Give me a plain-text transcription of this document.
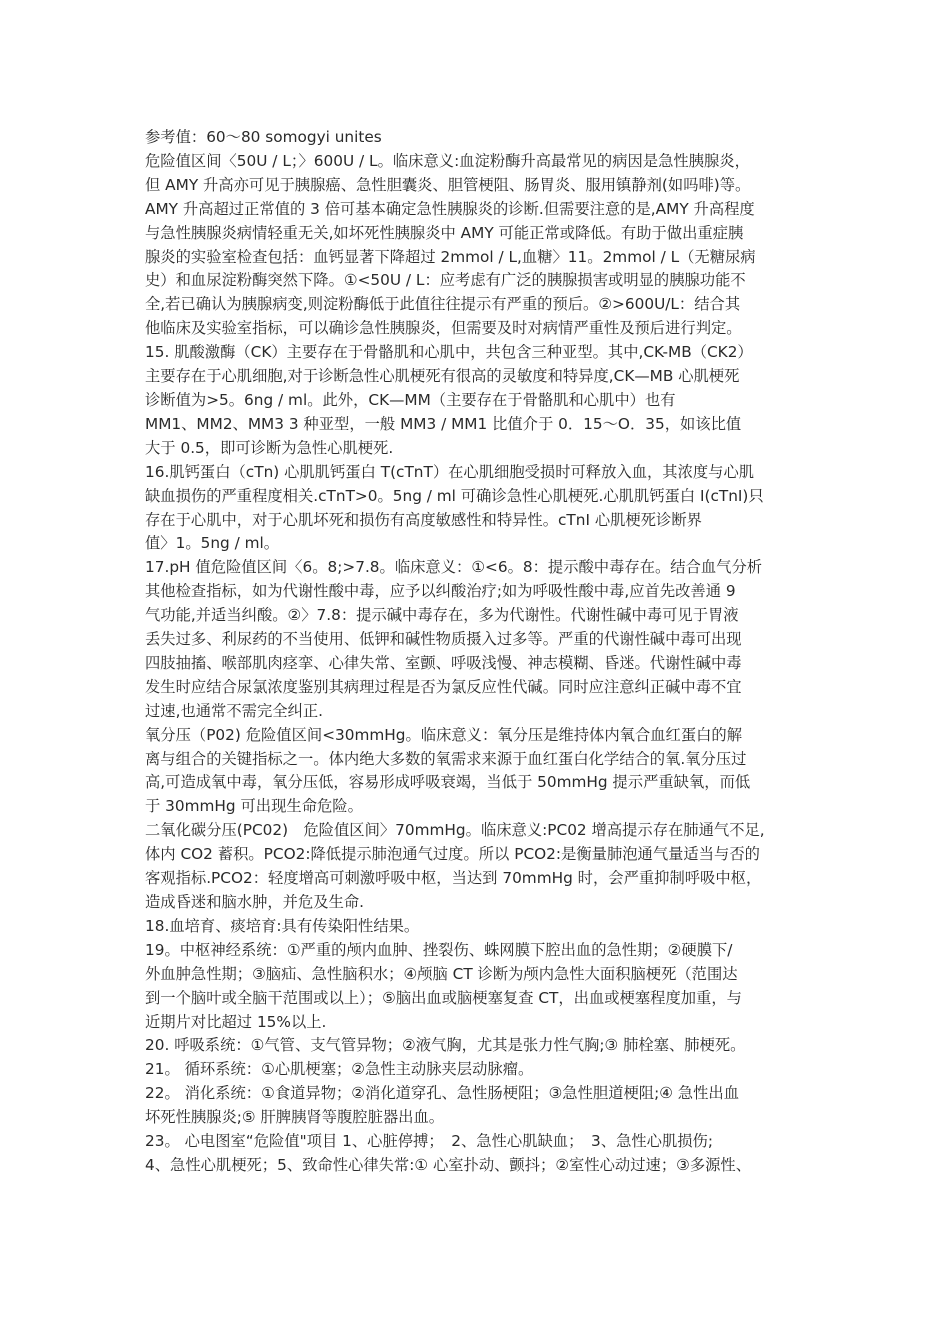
参考值：60～80 somogyi unites
危险值区间〈50U / L；〉600U / L。临床意义:血淀粉酶升高最常见的病因是急性胰腺炎，
但 AMY 升高亦可见于胰腺癌、急性胆囊炎、胆管梗阻、肠胃炎、服用镇静剂(如吗啡)等。
AMY 升高超过正常值的 3 倍可基本确定急性胰腺炎的诊断.但需要注意的是,AMY 升高程度
与急性胰腺炎病情轻重无关,如坏死性胰腺炎中 AMY 可能正常或降低。有助于做出重症胰
腺炎的实验室检查包括：血钙显著下降超过 2mmol / L,血糖〉11。2mmol / L（无糖尿病
史）和血尿淀粉酶突然下降。①<50U / L：应考虑有广泛的胰腺损害或明显的胰腺功能不
全,若已确认为胰腺病变,则淀粉酶低于此值往往提示有严重的预后。②>600U/L：结合其
他临床及实验室指标，可以确诊急性胰腺炎，但需要及时对病情严重性及预后进行判定。
15. 肌酸激酶（CK）主要存在于骨骼肌和心肌中，共包含三种亚型。其中,CK-MB（CK2）
主要存在于心肌细胞,对于诊断急性心肌梗死有很高的灵敏度和特异度,CK—MB 心肌梗死
诊断值为>5。6ng / ml。此外，CK—MM（主要存在于骨骼肌和心肌中）也有
MM1、MM2、MM3 3 种亚型，一般 MM3 / MM1 比值介于 0．15～O．35，如该比值
大于 0.5，即可诊断为急性心肌梗死.
16.肌钙蛋白（cTn) 心肌肌钙蛋白 T(cTnT）在心肌细胞受损时可释放入血，其浓度与心肌
缺血损伤的严重程度相关.cTnT>0。5ng / ml 可确诊急性心肌梗死.心肌肌钙蛋白 I(cTnI)只
存在于心肌中，对于心肌坏死和损伤有高度敏感性和特异性。cTnI 心肌梗死诊断界
值〉1。5ng / ml。
17.pH 值危险值区间〈6。8;>7.8。临床意义：①<6。8：提示酸中毒存在。结合血气分析
其他检查指标，如为代谢性酸中毒，应予以纠酸治疗;如为呼吸性酸中毒,应首先改善通 9
气功能,并适当纠酸。②〉7.8：提示碱中毒存在，多为代谢性。代谢性碱中毒可见于胃液
丢失过多、利尿药的不当使用、低钾和碱性物质摄入过多等。严重的代谢性碱中毒可出现
四肢抽搐、喉部肌肉痉挛、心律失常、室颤、呼吸浅慢、神志模糊、昏迷。代谢性碱中毒
发生时应结合尿氯浓度鉴别其病理过程是否为氯反应性代碱。同时应注意纠正碱中毒不宜
过速,也通常不需完全纠正.
氧分压（P02) 危险值区间<30mmHg。临床意义：氧分压是维持体内氧合血红蛋白的解
离与组合的关键指标之一。体内绝大多数的氧需求来源于血红蛋白化学结合的氧.氧分压过
高,可造成氧中毒，氧分压低，容易形成呼吸衰竭，当低于 50mmHg 提示严重缺氧，而低
于 30mmHg 可出现生命危险。
二氧化碳分压(PC02)　危险值区间〉70mmHg。临床意义:PC02 增高提示存在肺通气不足,
体内 CO2 蓄积。PCO2:降低提示肺泡通气过度。所以 PCO2:是衡量肺泡通气量适当与否的
客观指标.PCO2：轻度增高可刺激呼吸中枢，当达到 70mmHg 时，会严重抑制呼吸中枢，
造成昏迷和脑水肿，并危及生命.
18.血培育、痰培育:具有传染阳性结果。
19。中枢神经系统：①严重的颅内血肿、挫裂伤、蛛网膜下腔出血的急性期；②硬膜下/
外血肿急性期；③脑疝、急性脑积水；④颅脑 CT 诊断为颅内急性大面积脑梗死（范围达
到一个脑叶或全脑干范围或以上）；⑤脑出血或脑梗塞复查 CT，出血或梗塞程度加重，与
近期片对比超过 15%以上.
20. 呼吸系统：①气管、支气管异物；②液气胸，尤其是张力性气胸;③ 肺栓塞、肺梗死。
21。 循环系统：①心肌梗塞；②急性主动脉夹层动脉瘤。
22。 消化系统：①食道异物；②消化道穿孔、急性肠梗阻；③急性胆道梗阻;④ 急性出血
坏死性胰腺炎;⑤ 肝脾胰肾等腹腔脏器出血。
23。 心电图室“危险值"项目 1、心脏停搏；　2、急性心肌缺血；　3、急性心肌损伤;
4、急性心肌梗死；5、致命性心律失常:① 心室扑动、颤抖；②室性心动过速；③多源性、
